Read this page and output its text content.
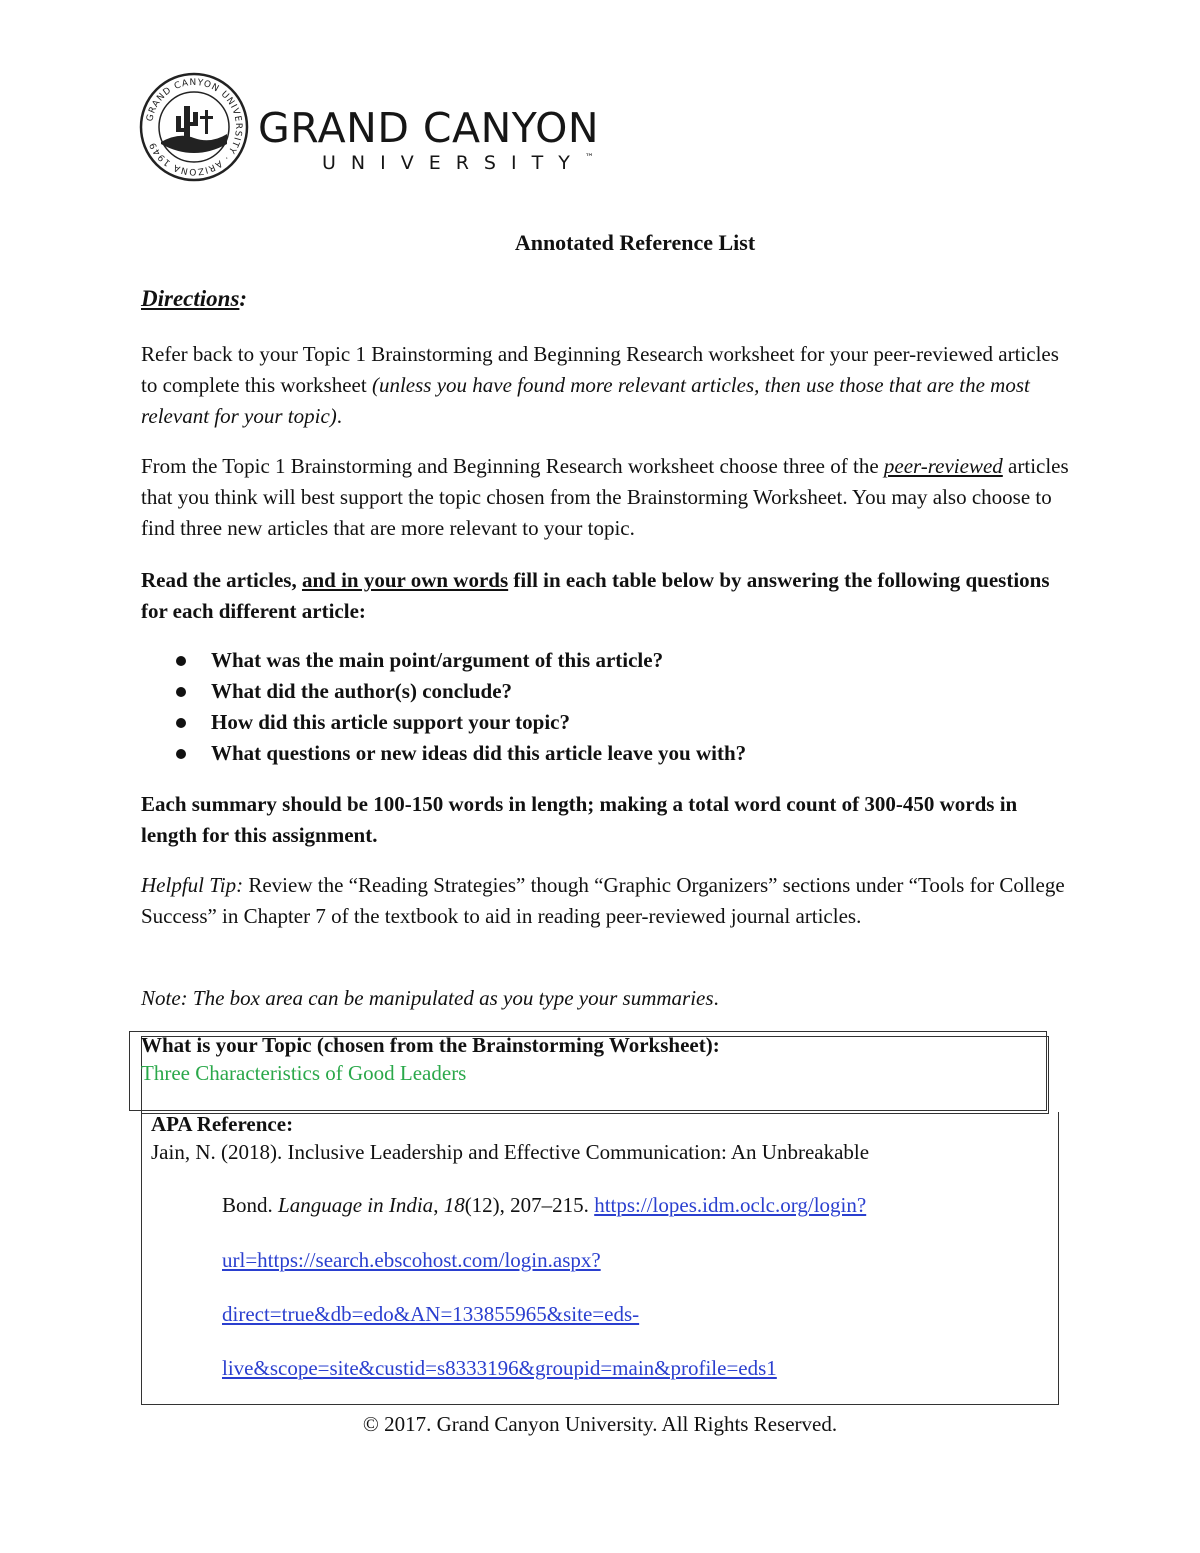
GRAND CANYON UNIVERSITY · ARIZONA 1949	GRAND CANYON
UNIVERSITY™
Annotated Reference List
Directions:

Refer back to your Topic 1 Brainstorming and Beginning Research worksheet for your peer-reviewed articles to complete this worksheet (unless you have found more relevant articles, then use those that are the most relevant for your topic).

From the Topic 1 Brainstorming and Beginning Research worksheet choose three of the peer-reviewed articles that you think will best support the topic chosen from the Brainstorming Worksheet. You may also choose to find three new articles that are more relevant to your topic.

Read the articles, and in your own words fill in each table below by answering the following questions for each different article:

What was the main point/argument of this article?
What did the author(s) conclude?
How did this article support your topic?
What questions or new ideas did this article leave you with?
Each summary should be 100-150 words in length; making a total word count of 300-450 words in length for this assignment.

Helpful Tip: Review the “Reading Strategies” though “Graphic Organizers” sections under “Tools for College Success” in Chapter 7 of the textbook to aid in reading peer-reviewed journal articles.

Note: The box area can be manipulated as you type your summaries.

What is your Topic (chosen from the Brainstorming Worksheet):
Three Characteristics of Good Leaders
APA Reference:
Jain, N. (2018). Inclusive Leadership and Effective Communication: An Unbreakable
Bond. Language in India, 18(12), 207–215. https://lopes.idm.oclc.org/login?
url=https://search.ebscohost.com/login.aspx?
direct=true&db=edo&AN=133855965&site=eds-
live&scope=site&custid=s8333196&groupid=main&profile=eds1
© 2017. Grand Canyon University. All Rights Reserved.
